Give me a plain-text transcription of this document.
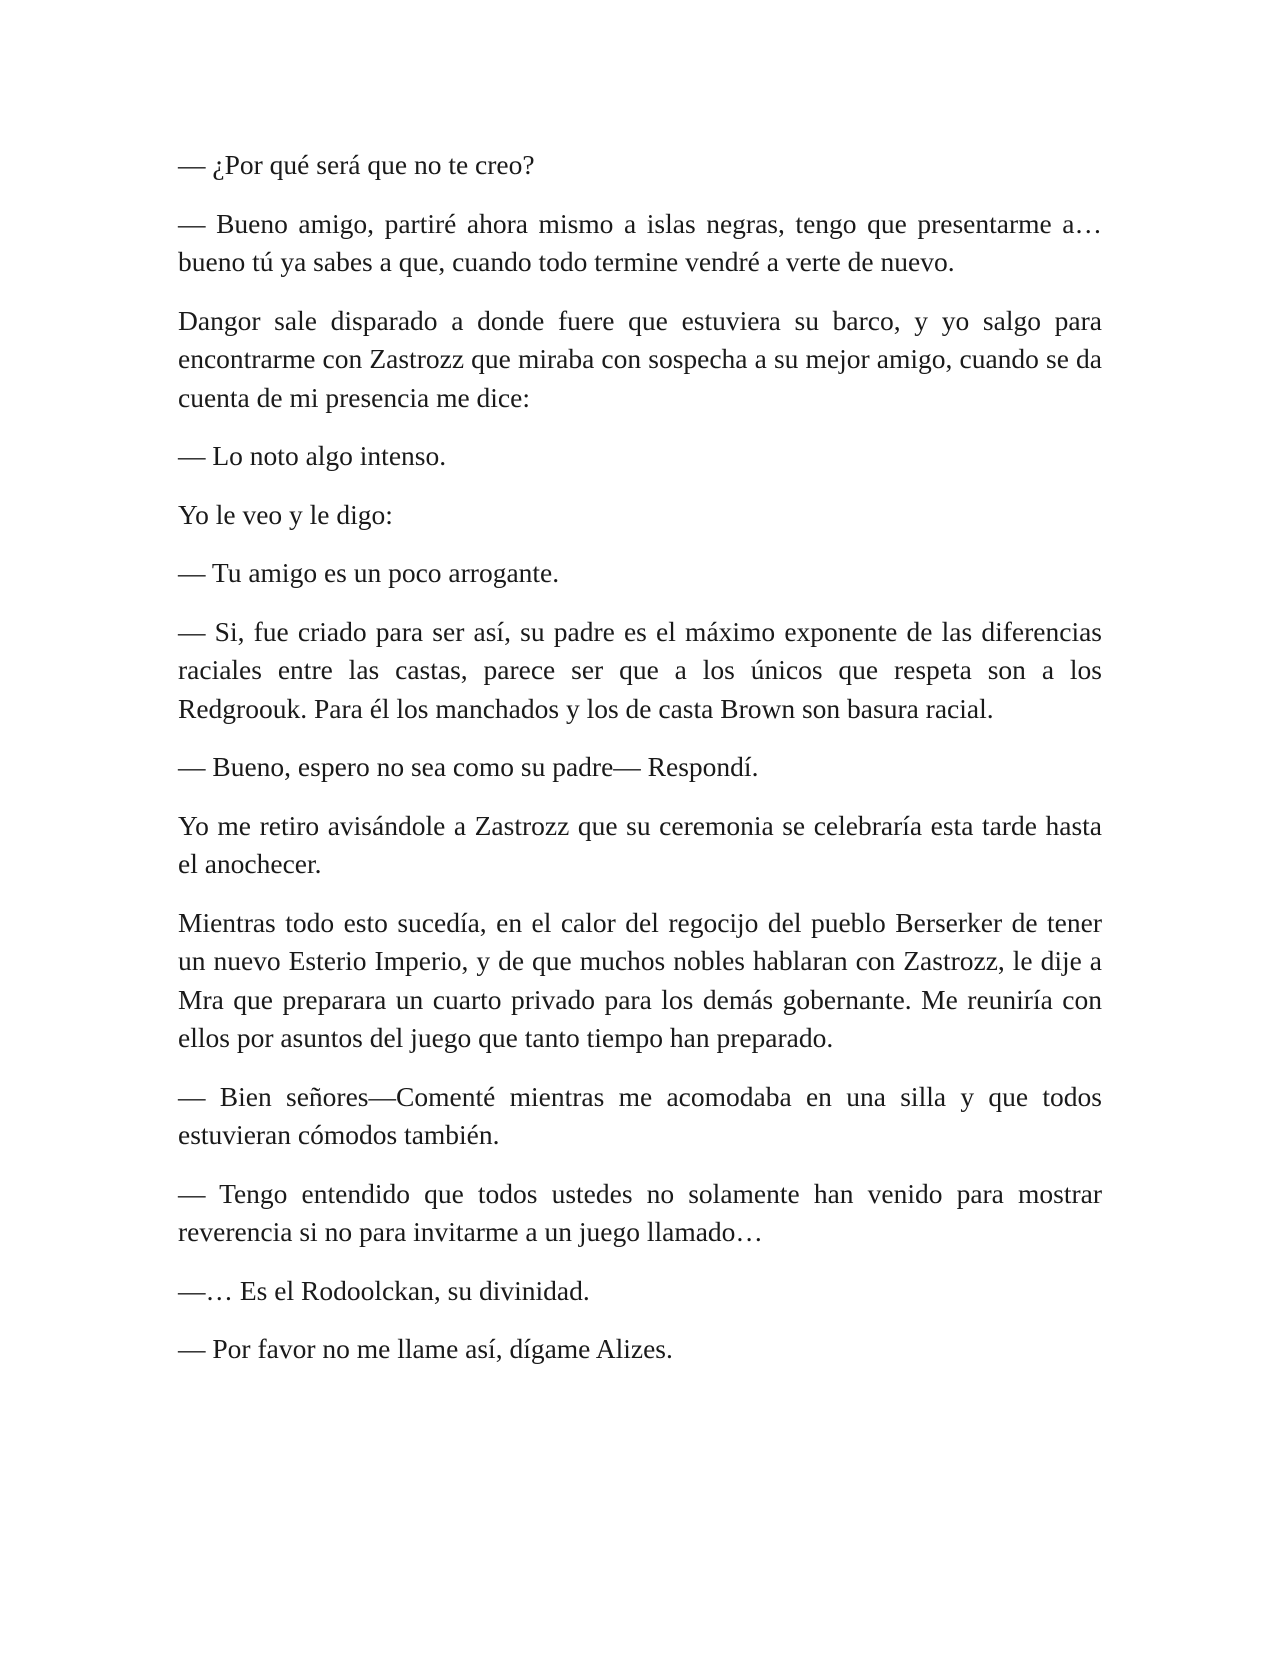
— ¿Por qué será que no te creo?

— Bueno amigo, partiré ahora mismo a islas negras, tengo que presentarme a… bueno tú ya sabes a que, cuando todo termine vendré a verte de nuevo.

Dangor sale disparado a donde fuere que estuviera su barco, y yo salgo para encontrarme con Zastrozz que miraba con sospecha a su mejor amigo, cuando se da cuenta de mi presencia me dice:

— Lo noto algo intenso.

Yo le veo y le digo:

— Tu amigo es un poco arrogante.

— Si, fue criado para ser así, su padre es el máximo exponente de las diferencias raciales entre las castas, parece ser que a los únicos que respeta son a los Redgroouk. Para él los manchados y los de casta Brown son basura racial.

— Bueno, espero no sea como su padre— Respondí.

Yo me retiro avisándole a Zastrozz que su ceremonia se celebraría esta tarde hasta el anochecer.

Mientras todo esto sucedía, en el calor del regocijo del pueblo Berserker de tener un nuevo Esterio Imperio, y de que muchos nobles hablaran con Zastrozz, le dije a Mra que preparara un cuarto privado para los demás gobernante. Me reuniría con ellos por asuntos del juego que tanto tiempo han preparado.

— Bien señores—Comenté mientras me acomodaba en una silla y que todos estuvieran cómodos también.

— Tengo entendido que todos ustedes no solamente han venido para mostrar reverencia si no para invitarme a un juego llamado…

—… Es el Rodoolckan, su divinidad.

— Por favor no me llame así, dígame Alizes.
